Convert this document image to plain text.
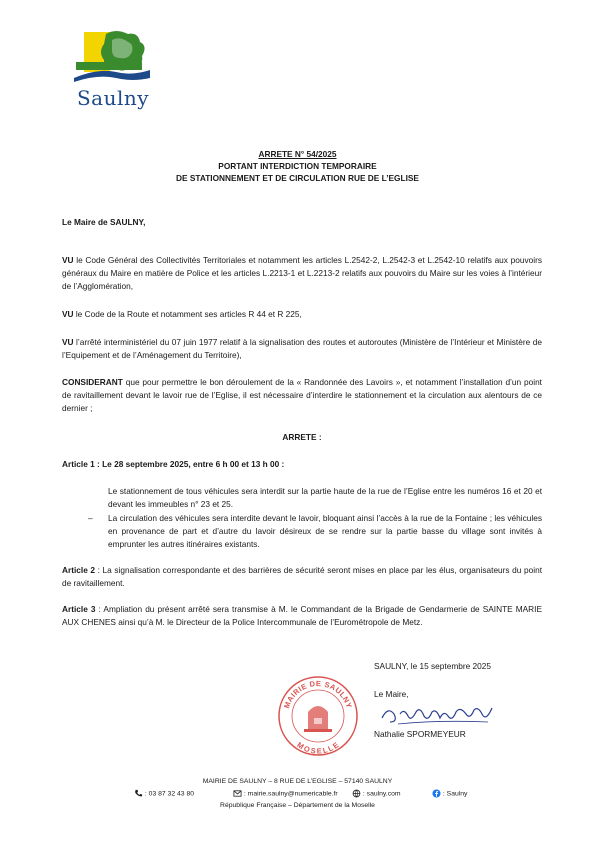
Saulny
ARRETE N° 54/2025
PORTANT INTERDICTION TEMPORAIRE
DE STATIONNEMENT ET DE CIRCULATION RUE DE L’EGLISE
Le Maire de SAULNY,
VU le Code Général des Collectivités Territoriales et notamment les articles L.2542-2, L.2542-3 et L.2542-10 relatifs aux pouvoirs généraux du Maire en matière de Police et les articles L.2213-1 et L.2213-2 relatifs aux pouvoirs du Maire sur les voies à l’intérieur de l’Agglomération,
VU le Code de la Route et notamment ses articles R 44 et R 225,
VU l’arrêté interministériel du 07 juin 1977 relatif à la signalisation des routes et autoroutes (Ministère de l’Intérieur et Ministère de l’Equipement et de l’Aménagement du Territoire),
CONSIDERANT que pour permettre le bon déroulement de la « Randonnée des Lavoirs », et notamment l’installation d’un point de ravitaillement devant le lavoir rue de l’Eglise, il est nécessaire d’interdire le stationnement et la circulation aux alentours de ce dernier ;
ARRETE :
Article 1 : Le 28 septembre 2025, entre 6 h 00 et 13 h 00 :
Le stationnement de tous véhicules sera interdit sur la partie haute de la rue de l’Eglise entre les numéros 16 et 20 et devant les immeubles n° 23 et 25.
– La circulation des véhicules sera interdite devant le lavoir, bloquant ainsi l’accès à la rue de la Fontaine ; les véhicules en provenance de part et d’autre du lavoir désireux de se rendre sur la partie basse du village sont invités à emprunter les autres itinéraires existants.
Article 2 : La signalisation correspondante et des barrières de sécurité seront mises en place par les élus, organisateurs du point de ravitaillement.
Article 3 : Ampliation du présent arrêté sera transmise à M. le Commandant de la Brigade de Gendarmerie de SAINTE MARIE AUX CHENES ainsi qu’à M. le Directeur de la Police Intercommunale de l’Eurométropole de Metz.
SAULNY, le 15 septembre 2025
Le Maire,
Nathalie SPORMEYEUR
MAIRIE DE SAULNY
MOSELLE
MAIRIE DE SAULNY – 8 RUE DE L’EGLISE – 57140 SAULNY
: 03 87 32 43 80	: mairie.saulny@numericable.fr	: saulny.com	: Saulny
République Française – Département de la Moselle
